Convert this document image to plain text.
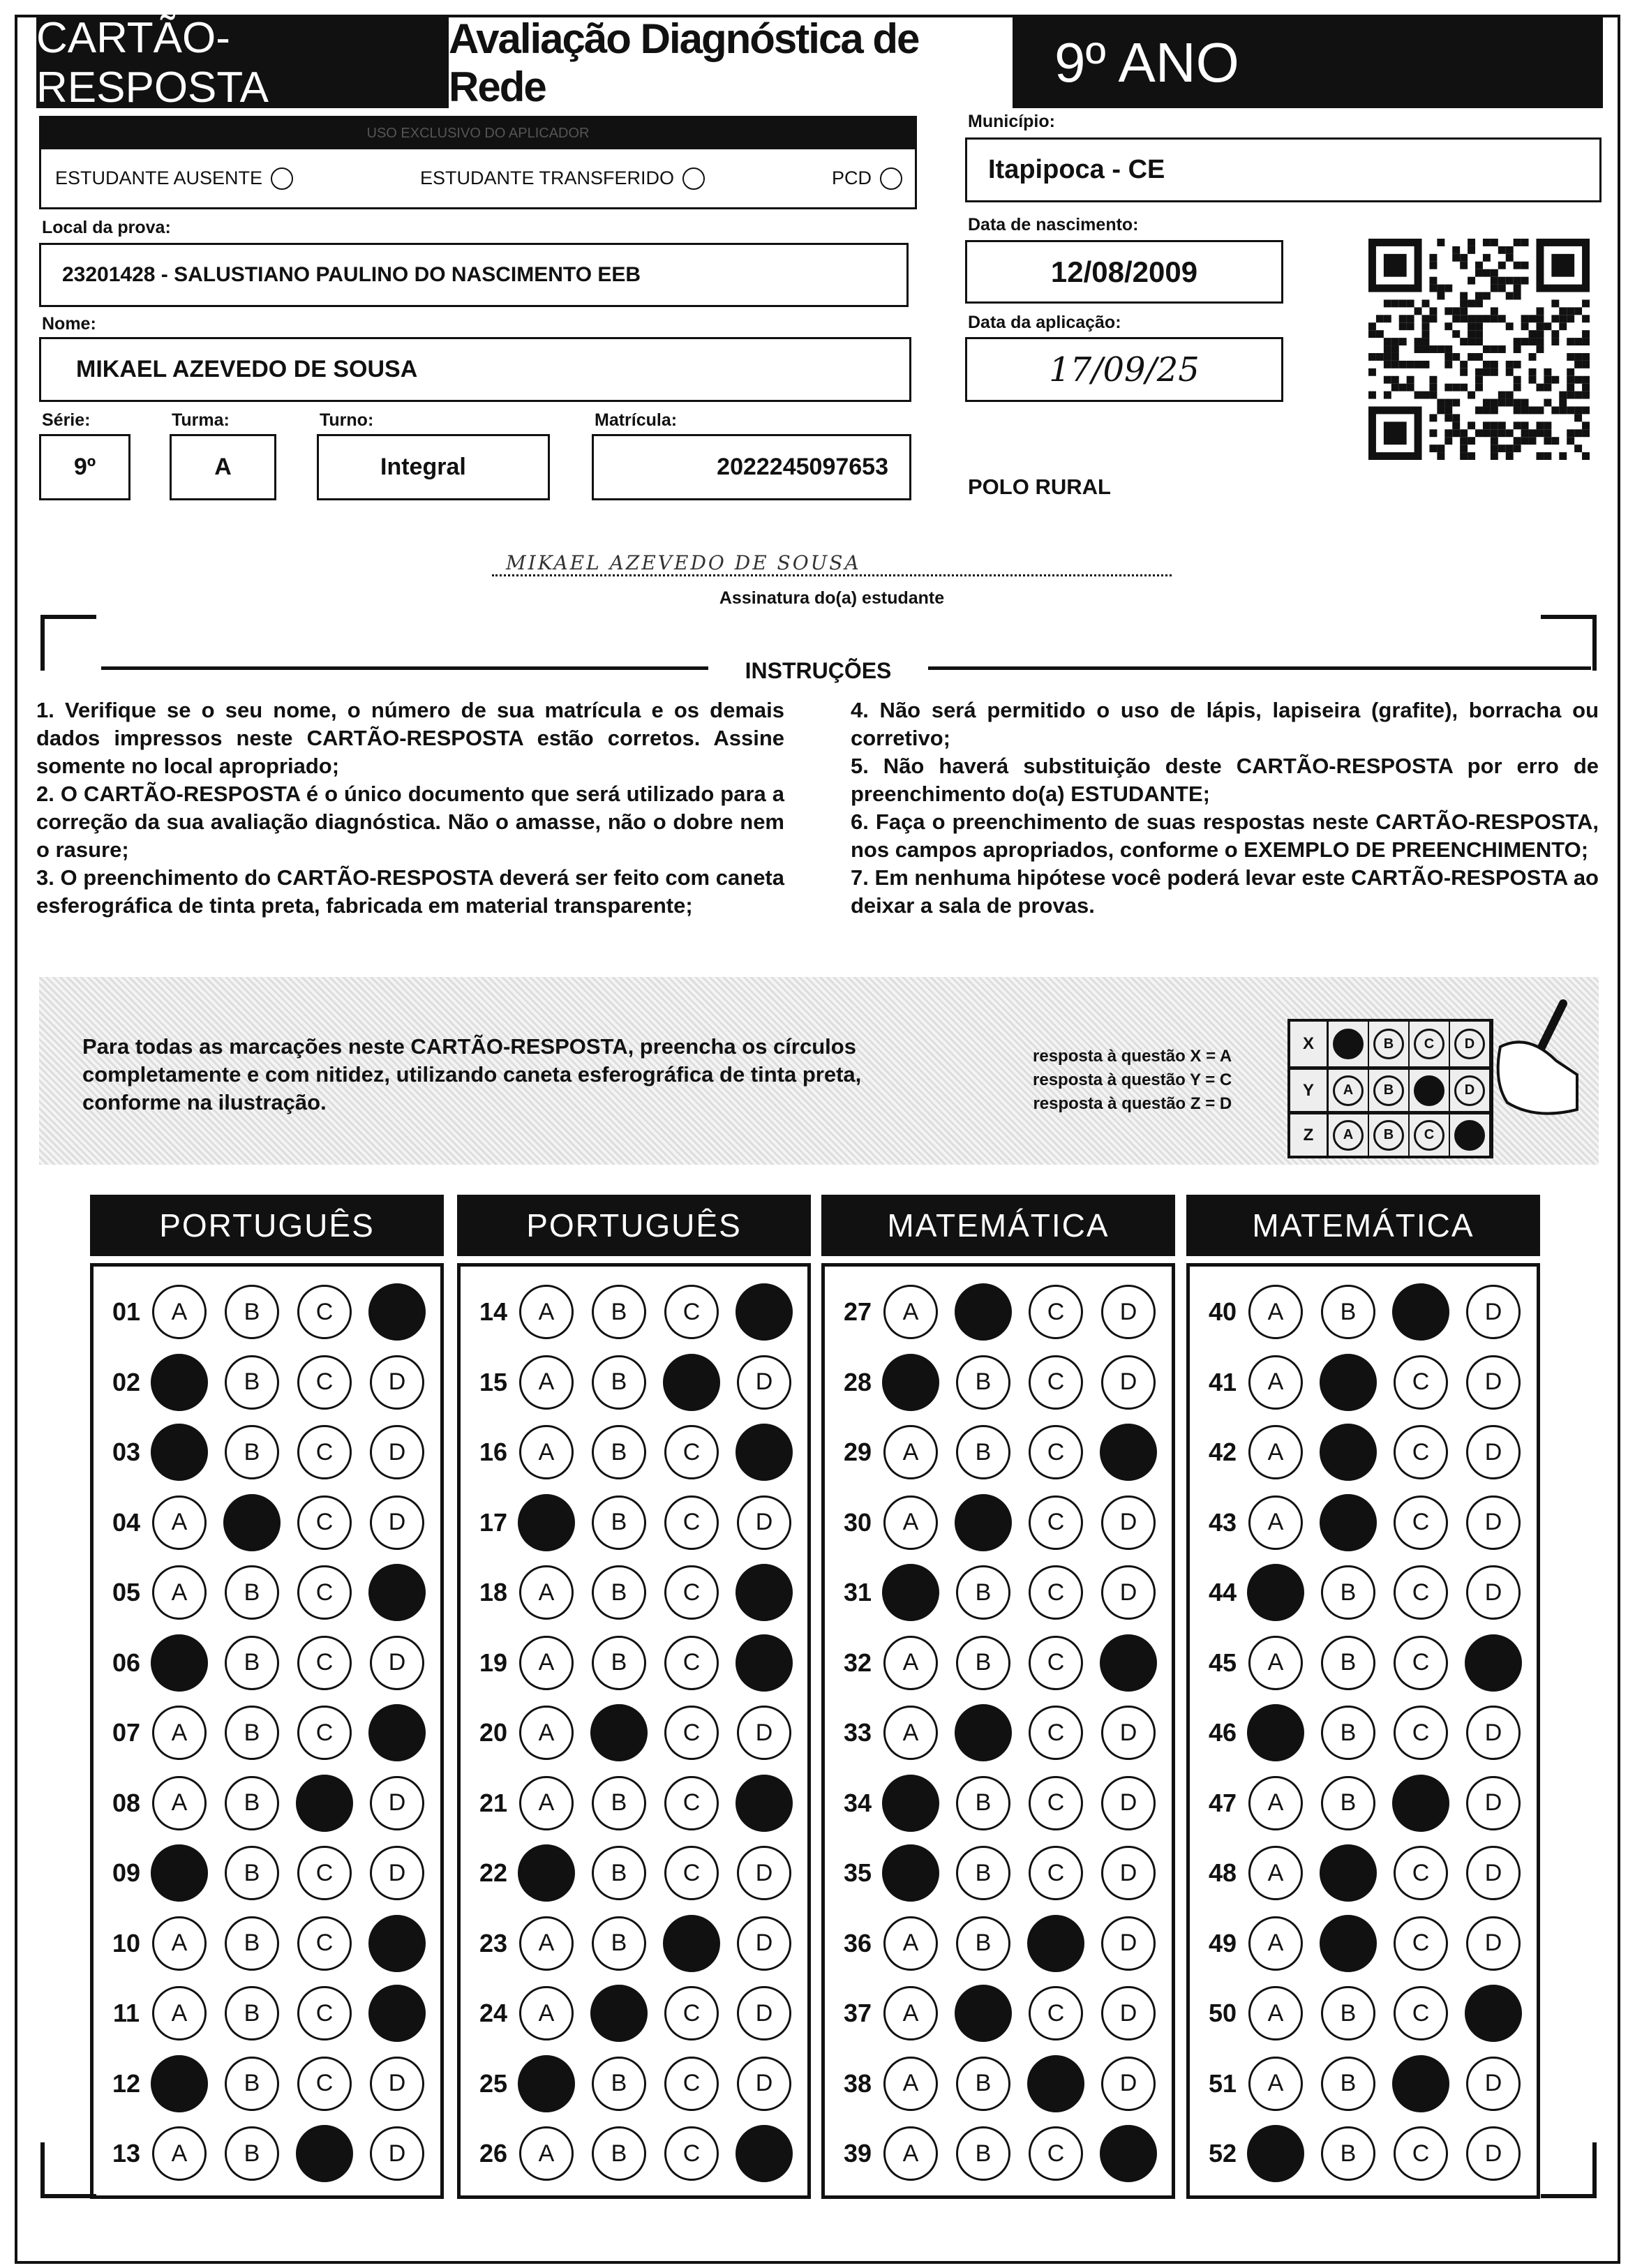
CARTÃO-RESPOSTA
Avaliação Diagnóstica de Rede	9º ANO
USO EXCLUSIVO DO APLICADOR
ESTUDANTE AUSENTE	ESTUDANTE TRANSFERIDO	PCD
Local da prova:
23201428 - SALUSTIANO PAULINO DO NASCIMENTO EEB
Nome:
MIKAEL AZEVEDO DE SOUSA
Série:
9º
Turma:
A
Turno:
Integral
Matrícula:
2022245097653
Município:
Itapipoca - CE
Data de nascimento:
12/08/2009
Data da aplicação:
17/09/25
POLO RURAL
MIKAEL AZEVEDO DE SOUSA
Assinatura do(a) estudante
INSTRUÇÕES
1. Verifique se o seu nome, o número de sua matrícula e os demais dados impressos neste CARTÃO-RESPOSTA estão corretos. Assine somente no local apropriado;
2. O CARTÃO-RESPOSTA é o único documento que será utilizado para a correção da sua avaliação diagnóstica. Não o amasse, não o dobre nem o rasure;
3. O preenchimento do CARTÃO-RESPOSTA deverá ser feito com caneta esferográfica de tinta preta, fabricada em material transparente;
4. Não será permitido o uso de lápis, lapiseira (grafite), borracha ou corretivo;
5. Não haverá substituição deste CARTÃO-RESPOSTA por erro de preenchimento do(a) ESTUDANTE;
6. Faça o preenchimento de suas respostas neste CARTÃO-RESPOSTA, nos campos apropriados, conforme o EXEMPLO DE PREENCHIMENTO;
7. Em nenhuma hipótese você poderá levar este CARTÃO-RESPOSTA ao deixar a sala de provas.
Para todas as marcações neste CARTÃO-RESPOSTA, preencha os círculos completamente e com nitidez, utilizando caneta esferográfica de tinta preta, conforme na ilustração.
resposta à questão X = A
resposta à questão Y = C
resposta à questão Z = D
X	B	C	D
Y	A	B	D
Z	A	B	C
PORTUGUÊS
01	A	B	C
02	B	C	D
03	B	C	D
04	A	C	D
05	A	B	C
06	B	C	D
07	A	B	C
08	A	B	D
09	B	C	D
10	A	B	C
11	A	B	C
12	B	C	D
13	A	B	D
PORTUGUÊS
14	A	B	C
15	A	B	D
16	A	B	C
17	B	C	D
18	A	B	C
19	A	B	C
20	A	C	D
21	A	B	C
22	B	C	D
23	A	B	D
24	A	C	D
25	B	C	D
26	A	B	C
MATEMÁTICA
27	A	C	D
28	B	C	D
29	A	B	C
30	A	C	D
31	B	C	D
32	A	B	C
33	A	C	D
34	B	C	D
35	B	C	D
36	A	B	D
37	A	C	D
38	A	B	D
39	A	B	C
MATEMÁTICA
40	A	B	D
41	A	C	D
42	A	C	D
43	A	C	D
44	B	C	D
45	A	B	C
46	B	C	D
47	A	B	D
48	A	C	D
49	A	C	D
50	A	B	C
51	A	B	D
52	B	C	D
